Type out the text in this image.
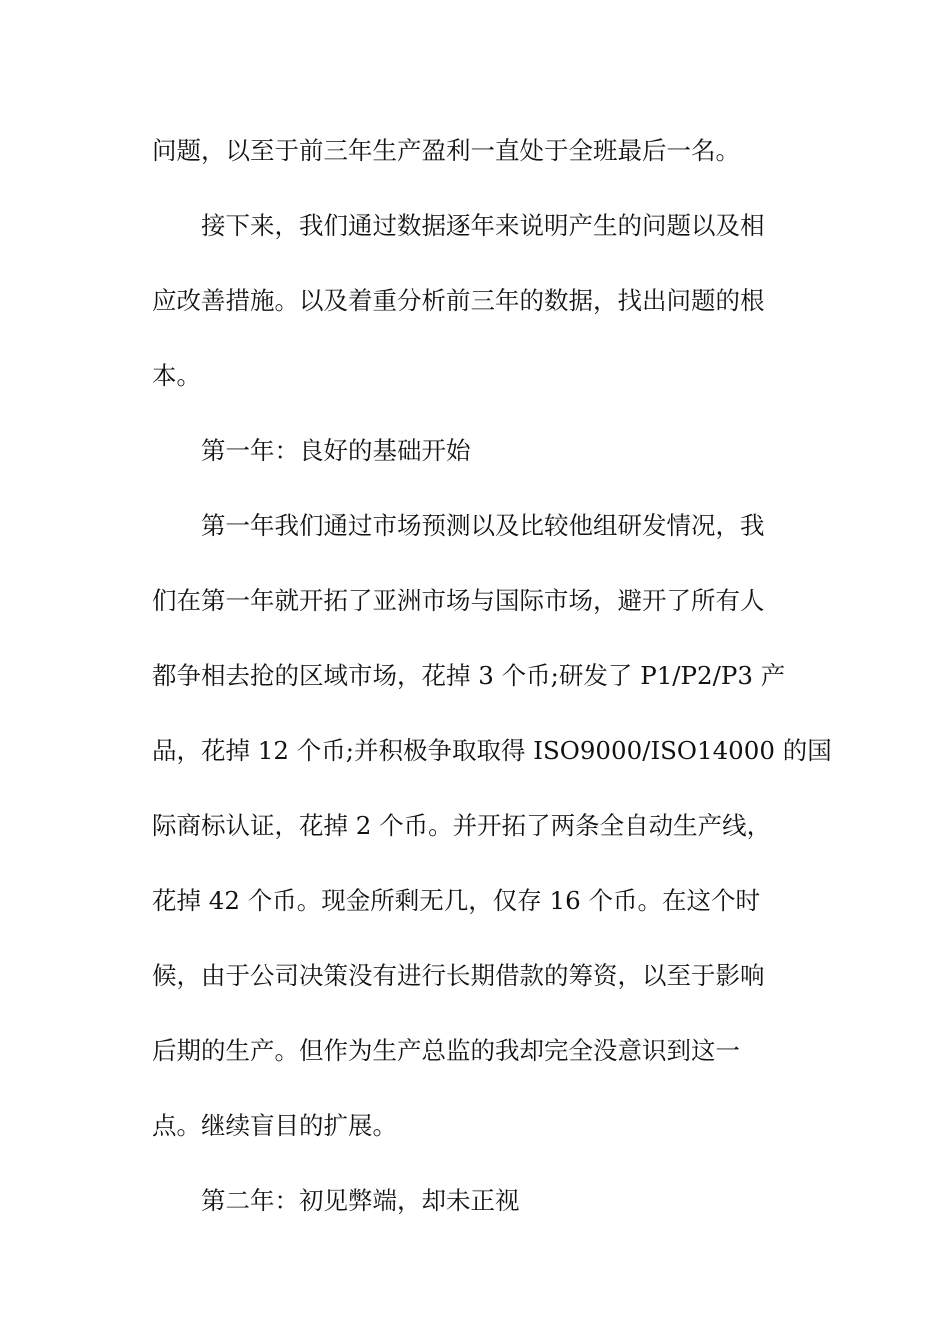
问题，以至于前三年生产盈利一直处于全班最后一名。
接下来，我们通过数据逐年来说明产生的问题以及相
应改善措施。以及着重分析前三年的数据，找出问题的根
本。
第一年：良好的基础开始
第一年我们通过市场预测以及比较他组研发情况，我
们在第一年就开拓了亚洲市场与国际市场，避开了所有人
都争相去抢的区域市场，花掉 3 个币;研发了 P1/P2/P3 产
品，花掉 12 个币;并积极争取取得 ISO9000/ISO14000 的国
际商标认证，花掉 2 个币。并开拓了两条全自动生产线，
花掉 42 个币。现金所剩无几，仅存 16 个币。在这个时
候，由于公司决策没有进行长期借款的筹资，以至于影响
后期的生产。但作为生产总监的我却完全没意识到这一
点。继续盲目的扩展。
第二年：初见弊端，却未正视
